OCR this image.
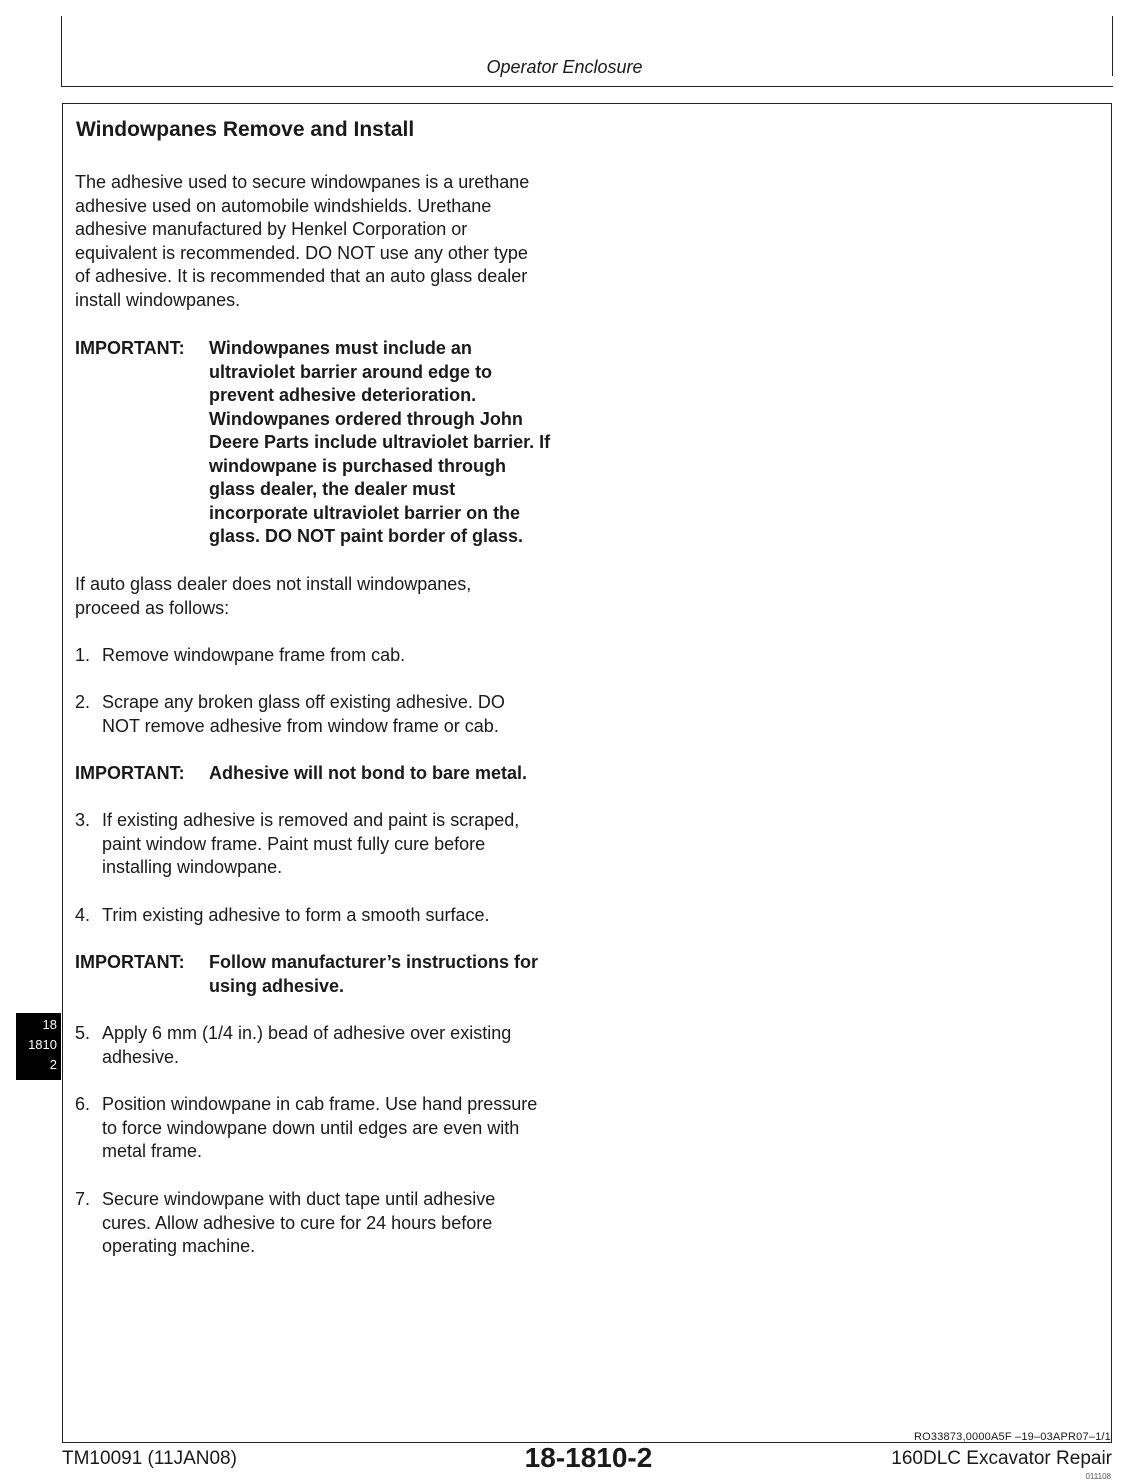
Operator Enclosure
Windowpanes Remove and Install
The adhesive used to secure windowpanes is a urethane
adhesive used on automobile windshields. Urethane
adhesive manufactured by Henkel Corporation or
equivalent is recommended. DO NOT use any other type
of adhesive. It is recommended that an auto glass dealer
install windowpanes.
IMPORTANT:	Windowpanes must include an
ultraviolet barrier around edge to
prevent adhesive deterioration.
Windowpanes ordered through John
Deere Parts include ultraviolet barrier. If
windowpane is purchased through
glass dealer, the dealer must
incorporate ultraviolet barrier on the
glass. DO NOT paint border of glass.
If auto glass dealer does not install windowpanes,
proceed as follows:
1. Remove windowpane frame from cab.
2. Scrape any broken glass off existing adhesive. DO
NOT remove adhesive from window frame or cab.
IMPORTANT:	Adhesive will not bond to bare metal.
3. If existing adhesive is removed and paint is scraped,
paint window frame. Paint must fully cure before
installing windowpane.
4. Trim existing adhesive to form a smooth surface.
IMPORTANT:	Follow manufacturer’s instructions for
using adhesive.
5. Apply 6 mm (1/4 in.) bead of adhesive over existing
adhesive.
6. Position windowpane in cab frame. Use hand pressure
to force windowpane down until edges are even with
metal frame.
7. Secure windowpane with duct tape until adhesive
cures. Allow adhesive to cure for 24 hours before
operating machine.
18
1810
2
RO33873,0000A5F –19–03APR07–1/1
TM10091 (11JAN08)	18-1810-2	160DLC Excavator Repair
011108
